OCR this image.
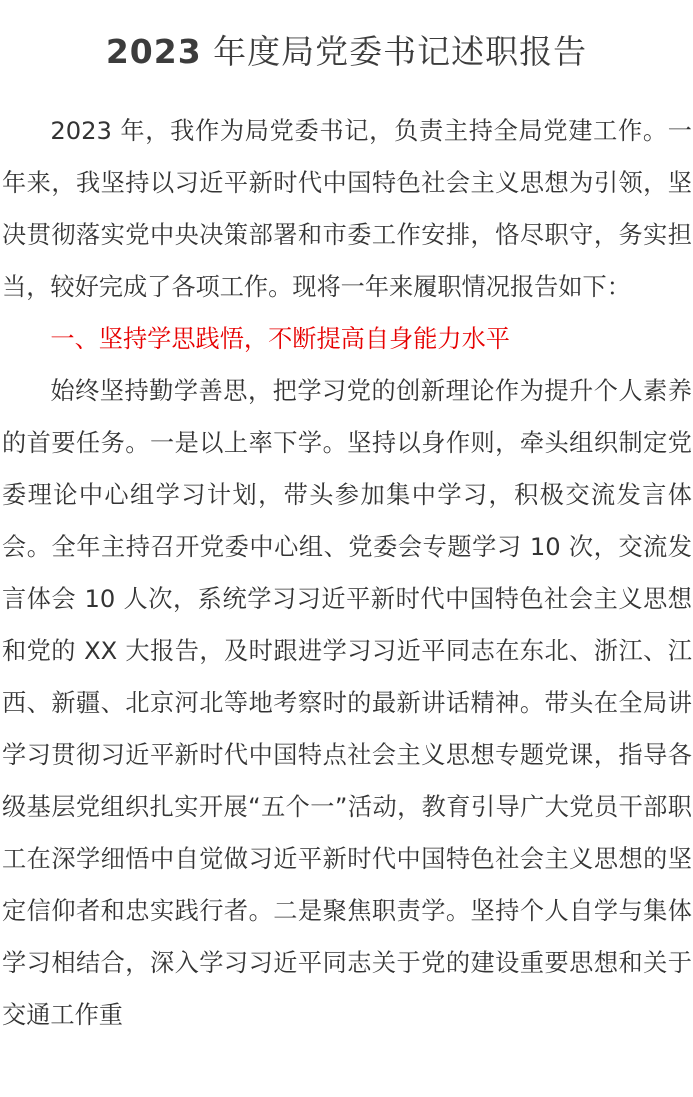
2023 年度局党委书记述职报告

2023 年，我作为局党委书记，负责主持全局党建工作。一年来，我坚持以习近平新时代中国特色社会主义思想为引领，坚决贯彻落实党中央决策部署和市委工作安排，恪尽职守，务实担当，较好完成了各项工作。现将一年来履职情况报告如下：

一、坚持学思践悟，不断提高自身能力水平

始终坚持勤学善思，把学习党的创新理论作为提升个人素养的首要任务。一是以上率下学。坚持以身作则，牵头组织制定党委理论中心组学习计划，带头参加集中学习，积极交流发言体会。全年主持召开党委中心组、党委会专题学习 10 次，交流发言体会 10 人次，系统学习习近平新时代中国特色社会主义思想和党的 XX 大报告，及时跟进学习习近平同志在东北、浙江、江西、新疆、北京河北等地考察时的最新讲话精神。带头在全局讲学习贯彻习近平新时代中国特点社会主义思想专题党课，指导各级基层党组织扎实开展“五个一”活动，教育引导广大党员干部职工在深学细悟中自觉做习近平新时代中国特色社会主义思想的坚定信仰者和忠实践行者。二是聚焦职责学。坚持个人自学与集体学习相结合，深入学习习近平同志关于党的建设重要思想和关于交通工作重
